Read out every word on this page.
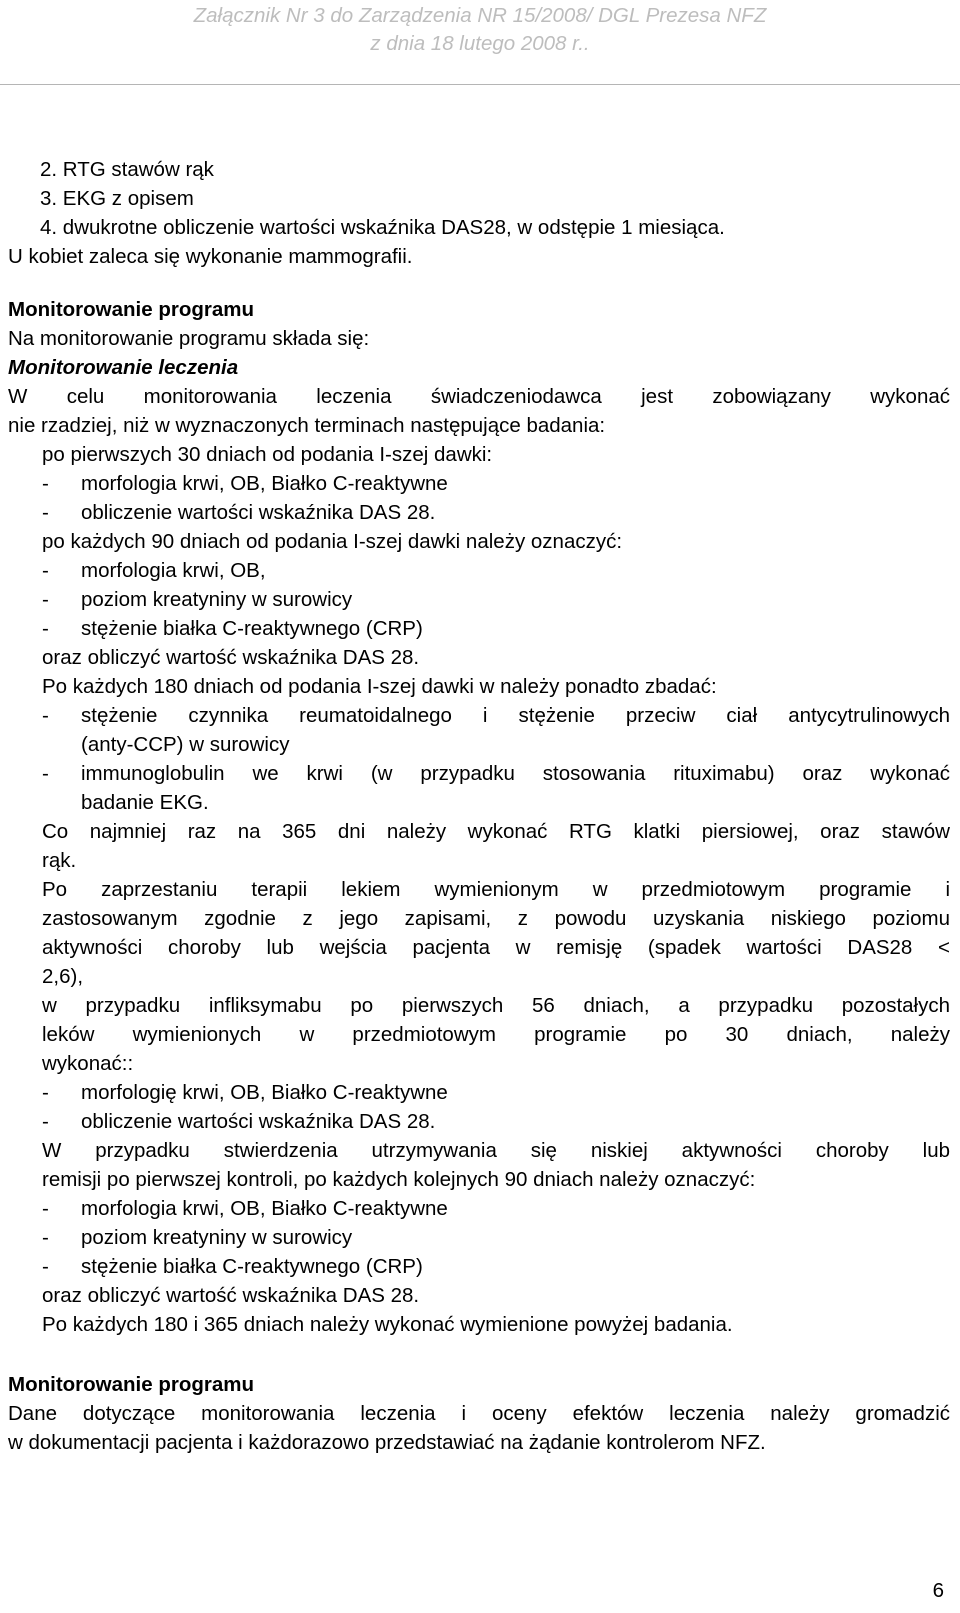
Załącznik Nr 3 do Zarządzenia NR 15/2008/ DGL Prezesa NFZ
z dnia 18 lutego 2008 r..
2. RTG stawów rąk
3. EKG z opisem
4. dwukrotne obliczenie wartości wskaźnika DAS28, w odstępie 1 miesiąca.
U kobiet zaleca się wykonanie mammografii.
Monitorowanie programu
Na monitorowanie programu składa się:
Monitorowanie leczenia
W celu monitorowania leczenia świadczeniodawca jest zobowiązany wykonać
nie rzadziej, niż w wyznaczonych terminach następujące badania:
po pierwszych 30 dniach od podania I-szej dawki:
-	morfologia krwi, OB, Białko C-reaktywne
-	obliczenie wartości wskaźnika DAS 28.
po każdych 90 dniach od podania I-szej dawki należy oznaczyć:
-	morfologia krwi, OB,
-	poziom kreatyniny w surowicy
-	stężenie białka C-reaktywnego (CRP)
oraz obliczyć wartość wskaźnika DAS 28.
Po każdych 180 dniach od podania I-szej dawki w należy ponadto zbadać:
-	stężenie czynnika reumatoidalnego i stężenie przeciw ciał antycytrulinowych
(anty-CCP) w surowicy
-	immunoglobulin we krwi (w przypadku stosowania rituximabu) oraz wykonać
badanie EKG.
Co najmniej raz na 365 dni należy wykonać RTG klatki piersiowej, oraz stawów
rąk.
Po zaprzestaniu terapii lekiem wymienionym w przedmiotowym programie i
zastosowanym zgodnie z jego zapisami, z powodu uzyskania niskiego poziomu
aktywności choroby lub wejścia pacjenta w remisję (spadek wartości DAS28 <
2,6),
w przypadku infliksymabu po pierwszych 56 dniach, a przypadku pozostałych
leków wymienionych w przedmiotowym programie po 30 dniach, należy
wykonać::
-	morfologię krwi, OB, Białko C-reaktywne
-	obliczenie wartości wskaźnika DAS 28.
W przypadku stwierdzenia utrzymywania się niskiej aktywności choroby lub
remisji po pierwszej kontroli, po każdych kolejnych 90 dniach należy oznaczyć:
-	morfologia krwi, OB, Białko C-reaktywne
-	poziom kreatyniny w surowicy
-	stężenie białka C-reaktywnego (CRP)
oraz obliczyć wartość wskaźnika DAS 28.
Po każdych 180 i 365 dniach należy wykonać wymienione powyżej badania.
Monitorowanie programu
Dane dotyczące monitorowania leczenia i oceny efektów leczenia należy gromadzić
w dokumentacji pacjenta i każdorazowo przedstawiać na żądanie kontrolerom NFZ.
6
